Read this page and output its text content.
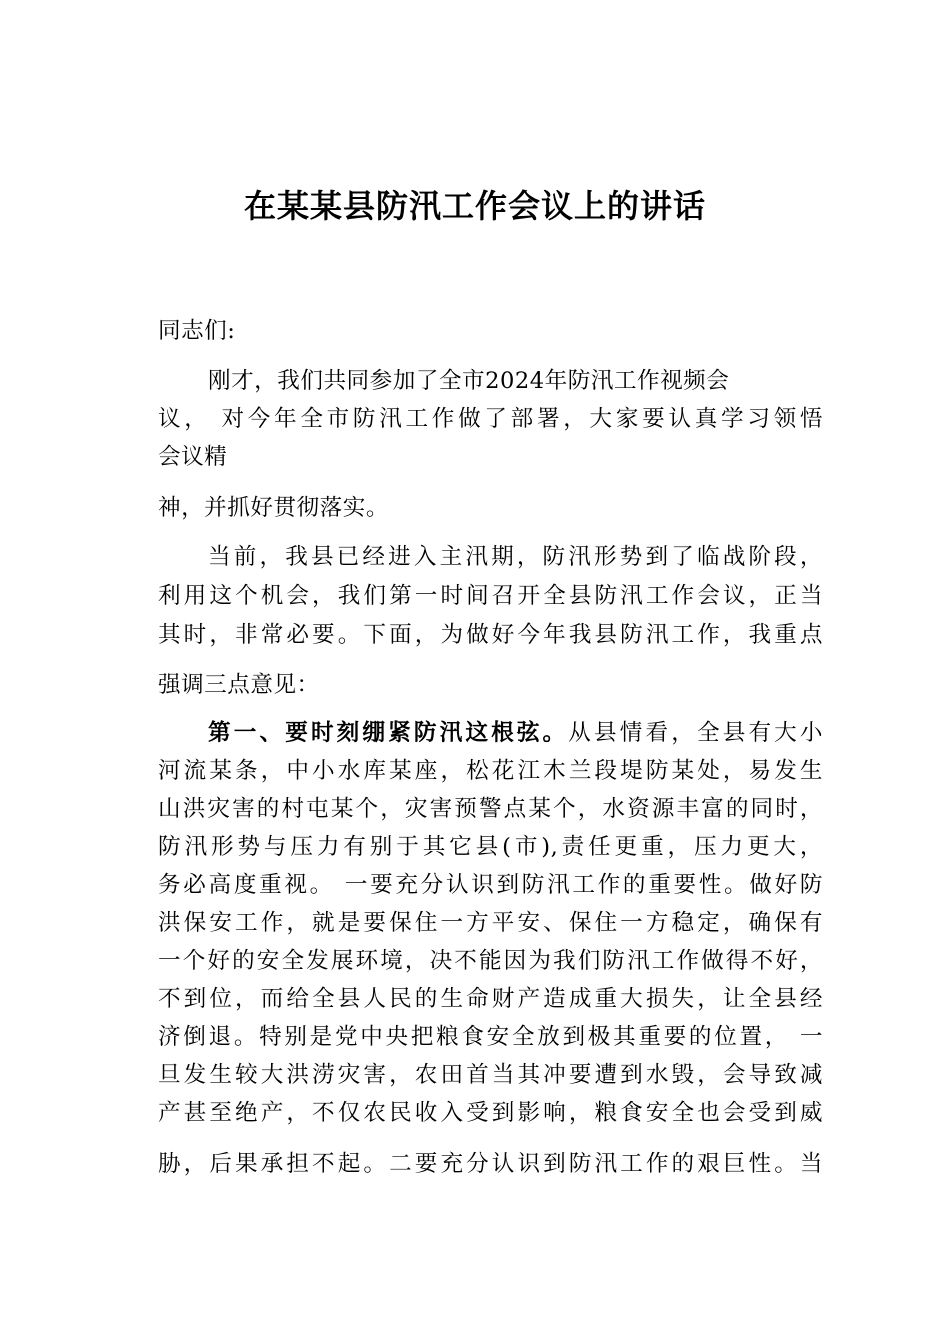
在某某县防汛工作会议上的讲话

同志们:

刚才，我们共同参加了全市2024年防汛工作视频会

议， 对今年全市防汛工作做了部署，大家要认真学习领悟

会议精

神，并抓好贯彻落实。

当前，我县已经进入主汛期，防汛形势到了临战阶段，

利用这个机会，我们第一时间召开全县防汛工作会议，正当

其时，非常必要。下面，为做好今年我县防汛工作，我重点

强调三点意见：

第一、要时刻绷紧防汛这根弦。从县情看，全县有大小

河流某条，中小水库某座，松花江木兰段堤防某处，易发生

山洪灾害的村屯某个，灾害预警点某个，水资源丰富的同时，

防汛形势与压力有别于其它县(市),责任更重，压力更大，

务必高度重视。 一要充分认识到防汛工作的重要性。做好防

洪保安工作，就是要保住一方平安、保住一方稳定，确保有

一个好的安全发展环境，决不能因为我们防汛工作做得不好，

不到位，而给全县人民的生命财产造成重大损失，让全县经

济倒退。特别是党中央把粮食安全放到极其重要的位置， 一

旦发生较大洪涝灾害，农田首当其冲要遭到水毁，会导致减

产甚至绝产，不仅农民收入受到影响，粮食安全也会受到威

胁，后果承担不起。二要充分认识到防汛工作的艰巨性。当
